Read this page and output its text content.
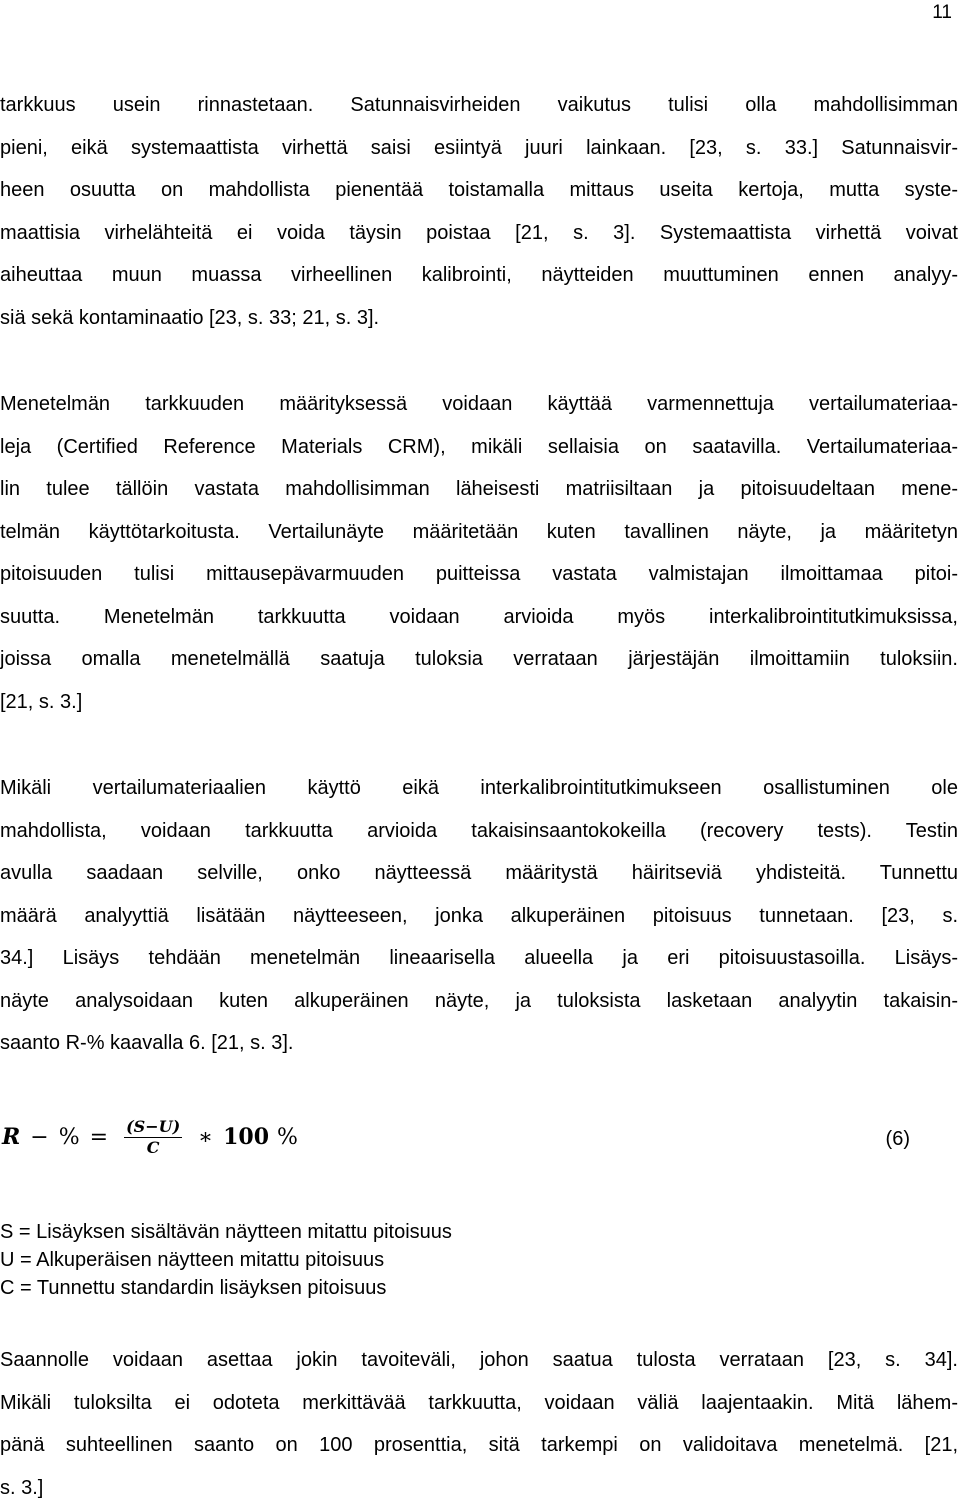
11
tarkkuus usein rinnastetaan. Satunnaisvirheiden vaikutus tulisi olla mahdollisimman
pieni, eikä systemaattista virhettä saisi esiintyä juuri lainkaan. [23, s. 33.] Satunnaisvir-
heen osuutta on mahdollista pienentää toistamalla mittaus useita kertoja, mutta syste-
maattisia virhelähteitä ei voida täysin poistaa [21, s. 3]. Systemaattista virhettä voivat
aiheuttaa muun muassa virheellinen kalibrointi, näytteiden muuttuminen ennen analyy-
siä sekä kontaminaatio [23, s. 33; 21, s. 3].
Menetelmän tarkkuuden määrityksessä voidaan käyttää varmennettuja vertailumateriaa-
leja (Certified Reference Materials CRM), mikäli sellaisia on saatavilla. Vertailumateriaa-
lin tulee tällöin vastata mahdollisimman läheisesti matriisiltaan ja pitoisuudeltaan mene-
telmän käyttötarkoitusta. Vertailunäyte määritetään kuten tavallinen näyte, ja määritetyn
pitoisuuden tulisi mittausepävarmuuden puitteissa vastata valmistajan ilmoittamaa pitoi-
suutta. Menetelmän tarkkuutta voidaan arvioida myös interkalibrointitutkimuksissa,
joissa omalla menetelmällä saatuja tuloksia verrataan järjestäjän ilmoittamiin tuloksiin.
[21, s. 3.]
Mikäli vertailumateriaalien käyttö eikä interkalibrointitutkimukseen osallistuminen ole
mahdollista, voidaan tarkkuutta arvioida takaisinsaantokokeilla (recovery tests). Testin
avulla saadaan selville, onko näytteessä määritystä häiritseviä yhdisteitä. Tunnettu
määrä analyyttiä lisätään näytteeseen, jonka alkuperäinen pitoisuus tunnetaan. [23, s.
34.] Lisäys tehdään menetelmän lineaarisella alueella ja eri pitoisuustasoilla. Lisäys-
näyte analysoidaan kuten alkuperäinen näyte, ja tuloksista lasketaan analyytin takaisin-
saanto R-% kaavalla 6. [21, s. 3].
R − % = $\frac{(S-U)}{C}$ ∗ 100 %	(6)
S = Lisäyksen sisältävän näytteen mitattu pitoisuus
U = Alkuperäisen näytteen mitattu pitoisuus
C = Tunnettu standardin lisäyksen pitoisuus
Saannolle voidaan asettaa jokin tavoiteväli, johon saatua tulosta verrataan [23, s. 34].
Mikäli tuloksilta ei odoteta merkittävää tarkkuutta, voidaan väliä laajentaakin. Mitä lähem-
pänä suhteellinen saanto on 100 prosenttia, sitä tarkempi on validoitava menetelmä. [21,
s. 3.]
